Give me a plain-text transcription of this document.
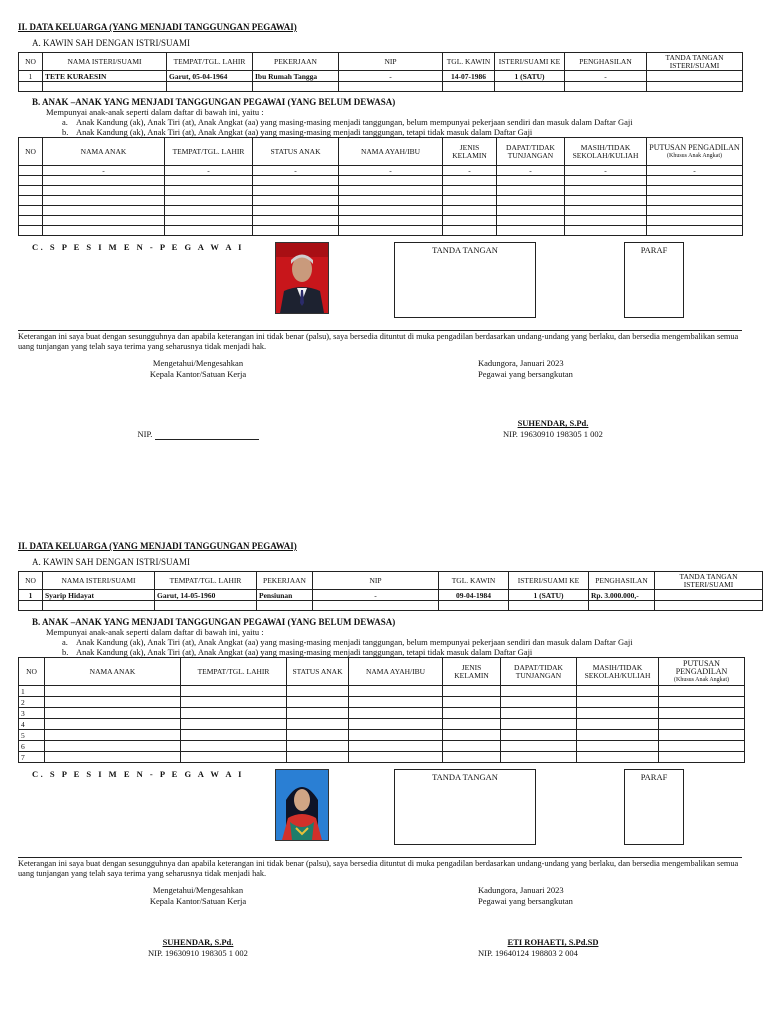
II. DATA KELUARGA (YANG MENJADI TANGGUNGAN PEGAWAI)
A. KAWIN SAH DENGAN ISTRI/SUAMI
NO	NAMA ISTERI/SUAMI	TEMPAT/TGL. LAHIR	PEKERJAAN	NIP	TGL. KAWIN	ISTERI/SUAMI KE	PENGHASILAN	TANDA TANGAN ISTERI/SUAMI
1	TETE KURAESIN	Garut, 05-04-1964	Ibu Rumah Tangga	-	14-07-1986	1 (SATU)	-	

B. ANAK –ANAK YANG MENJADI TANGGUNGAN PEGAWAI (YANG BELUM DEWASA)
Mempunyai anak-anak seperti dalam daftar di bawah ini, yaitu :
a. Anak Kandung (ak), Anak Tiri (at), Anak Angkat (aa) yang masing-masing menjadi tanggungan, belum mempunyai pekerjaan sendiri dan masuk dalam Daftar Gaji
b. Anak Kandung (ak), Anak Tiri (at), Anak Angkat (aa) yang masing-masing menjadi tanggungan, tetapi tidak masuk dalam Daftar Gaji
NO	NAMA ANAK	TEMPAT/TGL. LAHIR	STATUS ANAK	NAMA AYAH/IBU	JENIS KELAMIN	DAPAT/TIDAK TUNJANGAN	MASIH/TIDAK SEKOLAH/KULIAH	PUTUSAN PENGADILAN
(Khusus Anak Angkat)

	-	-	-	-	-	-	-	-

C. S P E S I M E N - P E G A W A I	TANDA TANGAN	PARAF
Keterangan ini saya buat dengan sesungguhnya dan apabila keterangan ini tidak benar (palsu), saya bersedia dituntut di muka pengadilan berdasarkan undang-undang yang berlaku, dan bersedia mengembalikan semua uang tunjangan yang telah saya terima yang seharusnya tidak menjadi hak.
Mengetahui/Mengesahkan
Kepala Kantor/Satuan Kerja
NIP.
Kadungora, Januari 2023
Pegawai yang bersangkutan
SUHENDAR, S.Pd.
NIP. 19630910 198305 1 002
II. DATA KELUARGA (YANG MENJADI TANGGUNGAN PEGAWAI)
A. KAWIN SAH DENGAN ISTRI/SUAMI
NO	NAMA ISTERI/SUAMI	TEMPAT/TGL. LAHIR	PEKERJAAN	NIP	TGL. KAWIN	ISTERI/SUAMI KE	PENGHASILAN	TANDA TANGAN ISTERI/SUAMI
1	Syarip Hidayat	Garut, 14-05-1960	Pensiunan	-	09-04-1984	1 (SATU)	Rp. 3.000.000,-	

B. ANAK –ANAK YANG MENJADI TANGGUNGAN PEGAWAI (YANG BELUM DEWASA)
Mempunyai anak-anak seperti dalam daftar di bawah ini, yaitu :
a. Anak Kandung (ak), Anak Tiri (at), Anak Angkat (aa) yang masing-masing menjadi tanggungan, belum mempunyai pekerjaan sendiri dan masuk dalam Daftar Gaji
b. Anak Kandung (ak), Anak Tiri (at), Anak Angkat (aa) yang masing-masing menjadi tanggungan, tetapi tidak masuk dalam Daftar Gaji
NO	NAMA ANAK	TEMPAT/TGL. LAHIR	STATUS ANAK	NAMA AYAH/IBU	JENIS KELAMIN	DAPAT/TIDAK TUNJANGAN	MASIH/TIDAK SEKOLAH/KULIAH	PUTUSAN PENGADILAN
(Khusus Anak Angkat)

1								
2								
3								
4								
5								
6								
7								
C. S P E S I M E N - P E G A W A I	TANDA TANGAN	PARAF
Keterangan ini saya buat dengan sesungguhnya dan apabila keterangan ini tidak benar (palsu), saya bersedia dituntut di muka pengadilan berdasarkan undang-undang yang berlaku, dan bersedia mengembalikan semua uang tunjangan yang telah saya terima yang seharusnya tidak menjadi hak.
Mengetahui/Mengesahkan
Kepala Kantor/Satuan Kerja
SUHENDAR, S.Pd.
NIP. 19630910 198305 1 002
Kadungora, Januari 2023
Pegawai yang bersangkutan
ETI ROHAETI, S.Pd.SD
NIP. 19640124 198803 2 004
